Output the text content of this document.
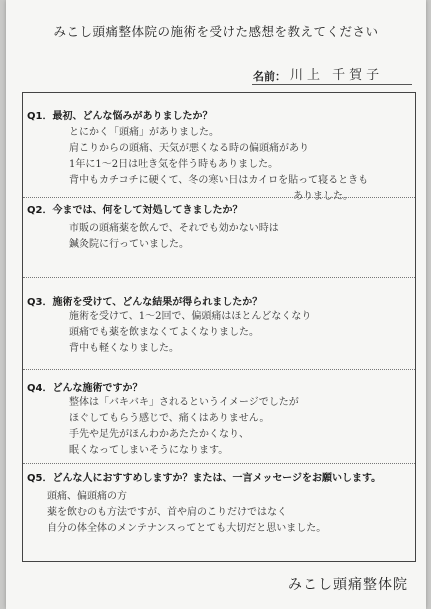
みこし頭痛整体院の施術を受けた感想を教えてください
名前： 川上 千賀子
Q1．最初、どんな悩みがありましたか？
とにかく「頭痛」がありました。
肩こりからの頭痛、天気が悪くなる時の偏頭痛があり
1年に1〜2日は吐き気を伴う時もありました。
背中もカチコチに硬くて、冬の寒い日はカイロを貼って寝るときも
ありました。
Q2．今までは、何をして対処してきましたか？
市販の頭痛薬を飲んで、それでも効かない時は
鍼灸院に行っていました。
Q3．施術を受けて、どんな結果が得られましたか？
施術を受けて、1〜2回で、偏頭痛はほとんどなくなり
頭痛でも薬を飲まなくてよくなりました。
背中も軽くなりました。
Q4．どんな施術ですか？
整体は「バキバキ」されるというイメージでしたが
ほぐしてもらう感じで、痛くはありません。
手先や足先がほんわかあたたかくなり、
眠くなってしまいそうになります。
Q5．どんな人におすすめしますか？または、一言メッセージをお願いします。
頭痛、偏頭痛の方
薬を飲むのも方法ですが、首や肩のこりだけではなく
自分の体全体のメンテナンスってとても大切だと思いました。
みこし頭痛整体院
